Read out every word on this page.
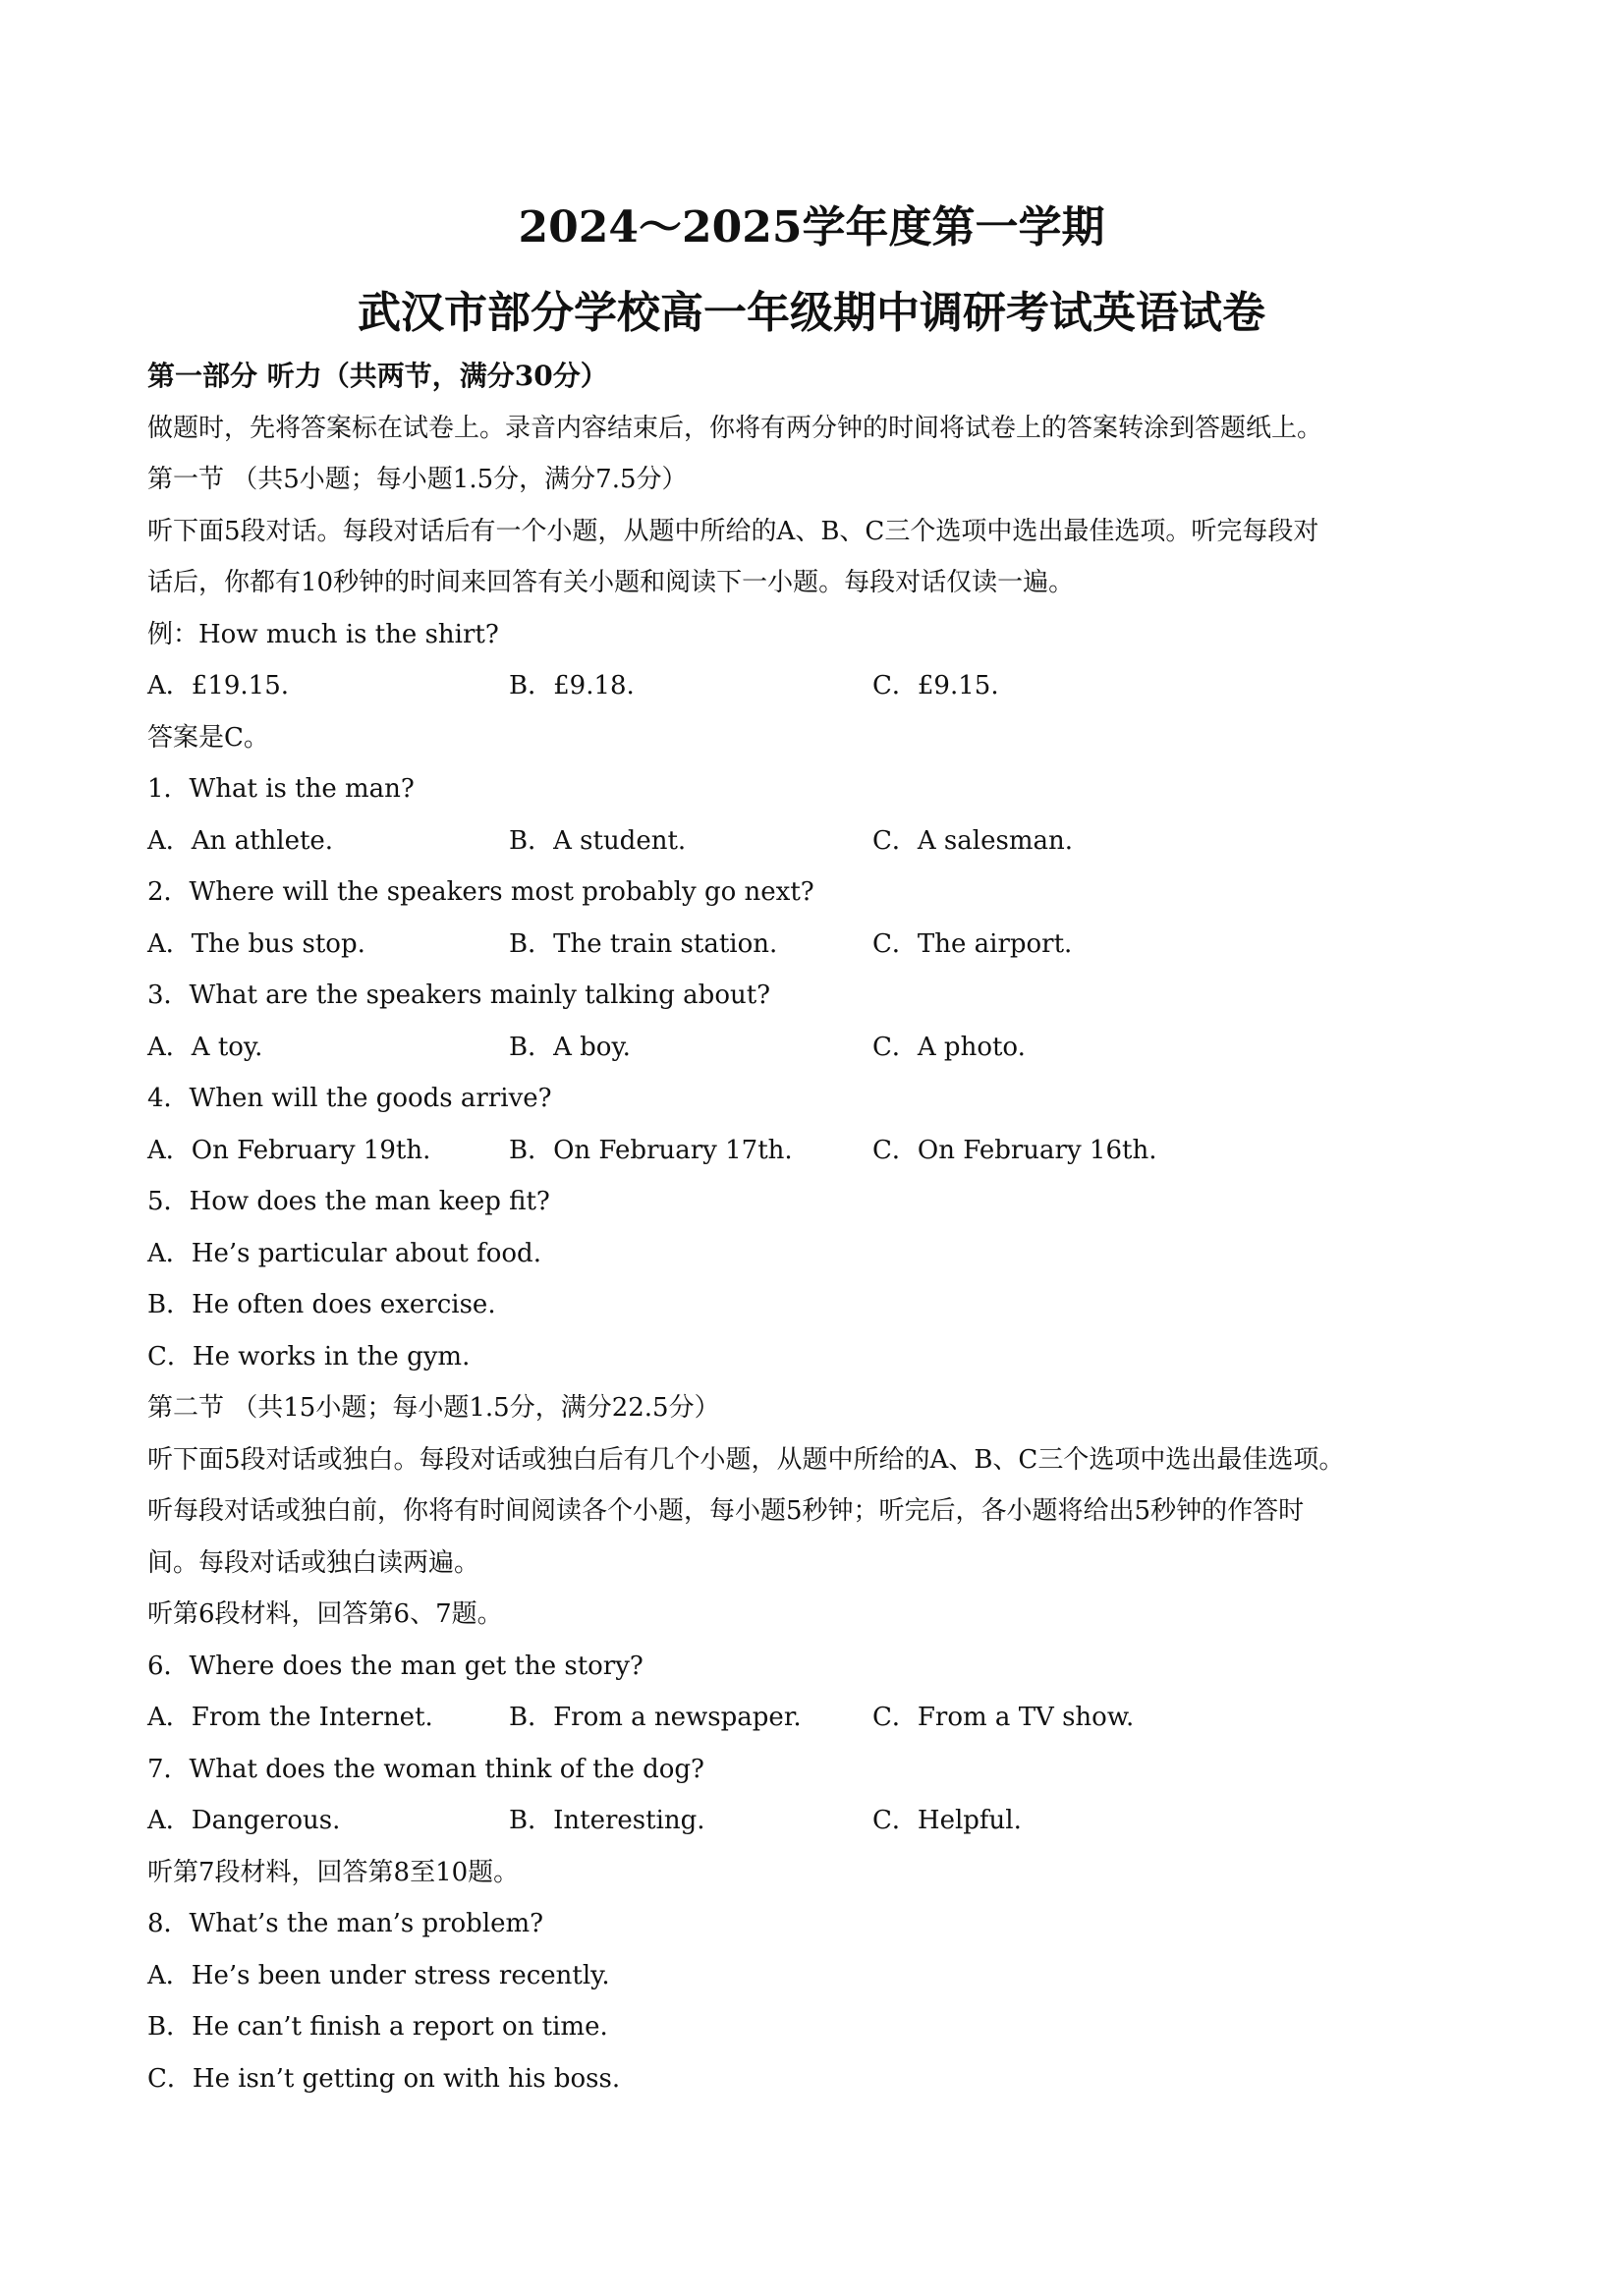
2024～2025学年度第一学期
武汉市部分学校高一年级期中调研考试英语试卷
第一部分 听力（共两节，满分30分）
做题时，先将答案标在试卷上。录音内容结束后，你将有两分钟的时间将试卷上的答案转涂到答题纸上。
第一节 （共5小题；每小题1.5分，满分7.5分）
听下面5段对话。每段对话后有一个小题，从题中所给的A、B、C三个选项中选出最佳选项。听完每段对
话后，你都有10秒钟的时间来回答有关小题和阅读下一小题。每段对话仅读一遍。
例：How much is the shirt?
A．£19.15.	B．£9.18.	C．£9.15.
答案是C。
1．What is the man?
A．An athlete.	B．A student.	C．A salesman.
2．Where will the speakers most probably go next?
A．The bus stop.	B．The train station.	C．The airport.
3．What are the speakers mainly talking about?
A．A toy.	B．A boy.	C．A photo.
4．When will the goods arrive?
A．On February 19th.	B．On February 17th.	C．On February 16th.
5．How does the man keep fit?
A．He’s particular about food.
B．He often does exercise.
C．He works in the gym.
第二节 （共15小题；每小题1.5分，满分22.5分）
听下面5段对话或独白。每段对话或独白后有几个小题，从题中所给的A、B、C三个选项中选出最佳选项。
听每段对话或独白前，你将有时间阅读各个小题，每小题5秒钟；听完后，各小题将给出5秒钟的作答时
间。每段对话或独白读两遍。
听第6段材料，回答第6、7题。
6．Where does the man get the story?
A．From the Internet.	B．From a newspaper.	C．From a TV show.
7．What does the woman think of the dog?
A．Dangerous.	B．Interesting.	C．Helpful.
听第7段材料，回答第8至10题。
8．What’s the man’s problem?
A．He’s been under stress recently.
B．He can’t finish a report on time.
C．He isn’t getting on with his boss.
